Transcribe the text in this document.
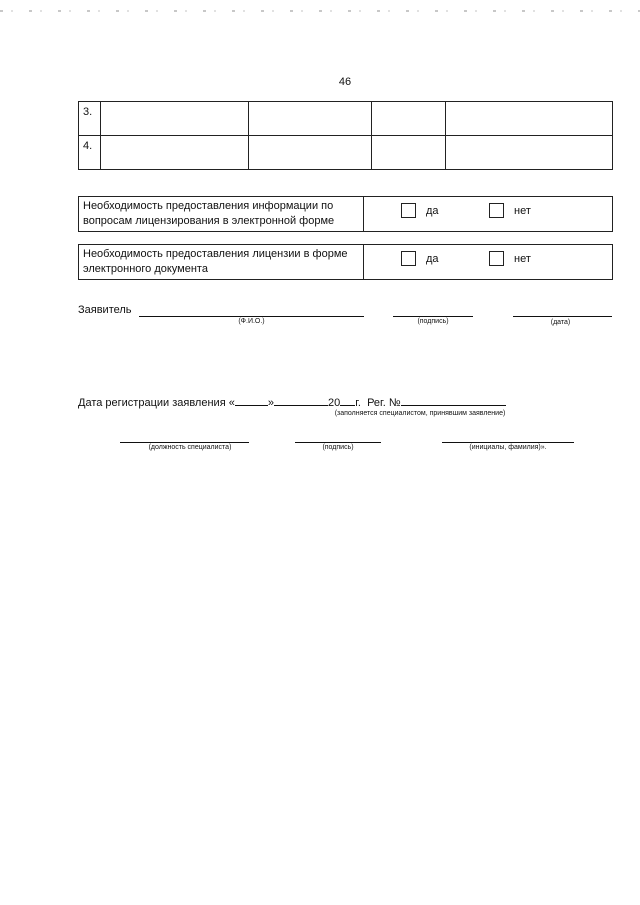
46
3.				
4.				
Необходимость предоставления информации по вопросам лицензирования в электронной форме	
да	нет
Необходимость предоставления лицензии в форме электронного документа	
да	нет
Заявитель
(Ф.И.О.)	(подпись)	(дата)
Дата регистрации заявления «	»	20 г. Рег. №
(заполняется специалистом, принявшим заявление)
(должность специалиста)	(подпись)	(инициалы, фамилия)».
